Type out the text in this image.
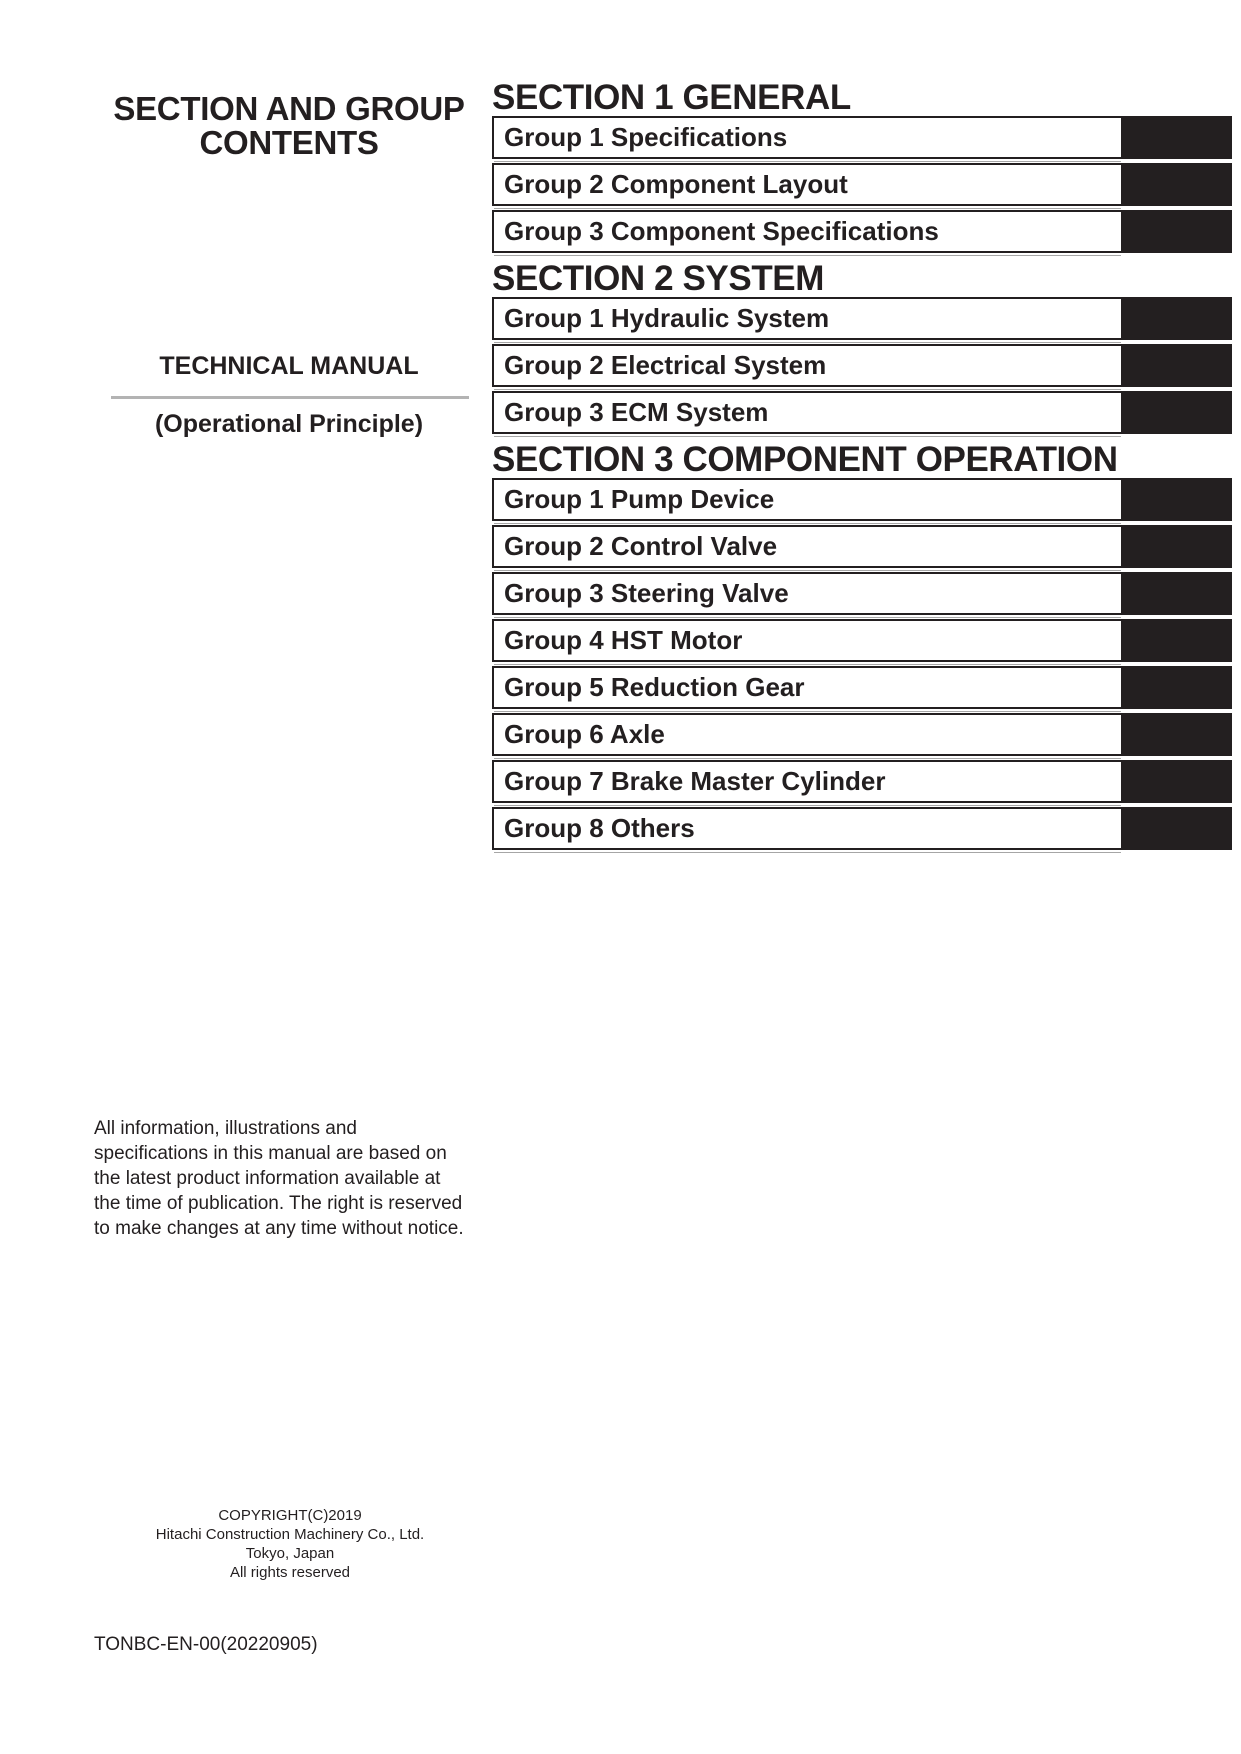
SECTION AND GROUP
CONTENTS
TECHNICAL MANUAL
(Operational Principle)
All information, illustrations and specifications in this manual are based on the latest product information available at the time of publication. The right is reserved to make changes at any time without notice.
COPYRIGHT(C)2019
Hitachi Construction Machinery Co., Ltd.
Tokyo, Japan
All rights reserved
TONBC-EN-00(20220905)
SECTION 1 GENERAL
Group 1 Specifications
Group 2 Component Layout
Group 3 Component Specifications
SECTION 2 SYSTEM
Group 1 Hydraulic System
Group 2 Electrical System
Group 3 ECM System
SECTION 3 COMPONENT OPERATION
Group 1 Pump Device
Group 2 Control Valve
Group 3 Steering Valve
Group 4 HST Motor
Group 5 Reduction Gear
Group 6 Axle
Group 7 Brake Master Cylinder
Group 8 Others
